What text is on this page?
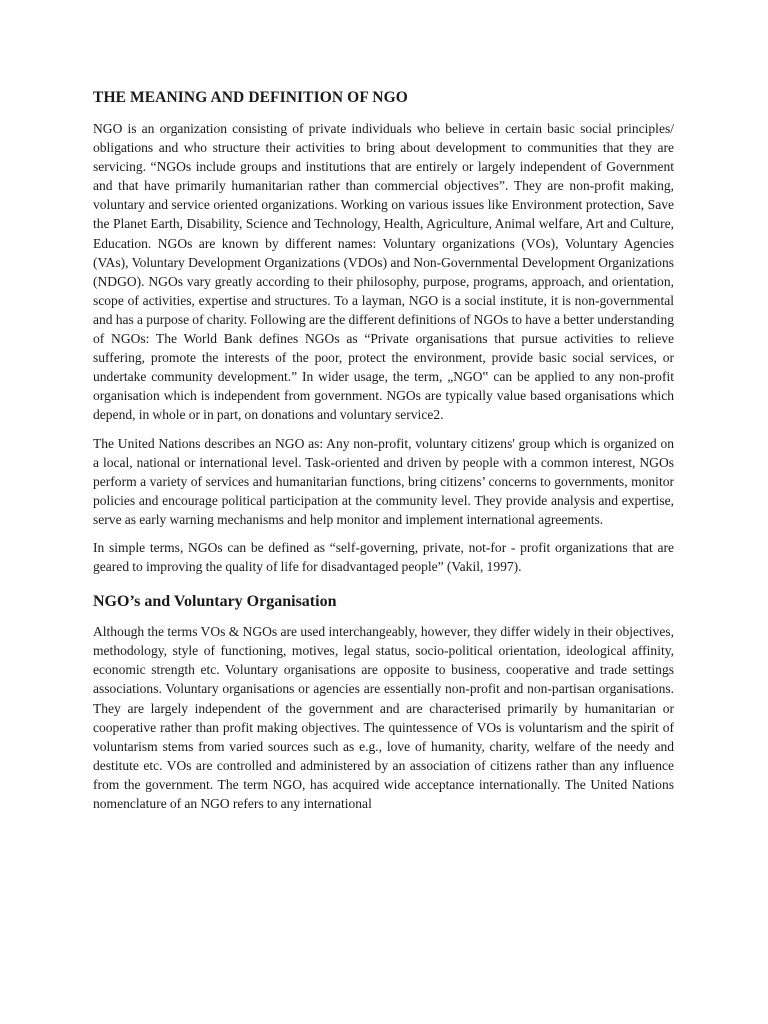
THE MEANING AND DEFINITION OF NGO

NGO is an organization consisting of private individuals who believe in certain basic social principles/ obligations and who structure their activities to bring about development to communities that they are servicing. “NGOs include groups and institutions that are entirely or largely independent of Government and that have primarily humanitarian rather than commercial objectives”. They are non-profit making, voluntary and service oriented organizations. Working on various issues like Environment protection, Save the Planet Earth, Disability, Science and Technology, Health, Agriculture, Animal welfare, Art and Culture, Education. NGOs are known by different names: Voluntary organizations (VOs), Voluntary Agencies (VAs), Voluntary Development Organizations (VDOs) and Non-Governmental Development Organizations (NDGO). NGOs vary greatly according to their philosophy, purpose, programs, approach, and orientation, scope of activities, expertise and structures. To a layman, NGO is a social institute, it is non-governmental and has a purpose of charity. Following are the different definitions of NGOs to have a better understanding of NGOs: The World Bank defines NGOs as “Private organisations that pursue activities to relieve suffering, promote the interests of the poor, protect the environment, provide basic social services, or undertake community development.” In wider usage, the term, „NGO‟ can be applied to any non-profit organisation which is independent from government. NGOs are typically value based organisations which depend, in whole or in part, on donations and voluntary service2.

The United Nations describes an NGO as: Any non-profit, voluntary citizens' group which is organized on a local, national or international level. Task-oriented and driven by people with a common interest, NGOs perform a variety of services and humanitarian functions, bring citizens’ concerns to governments, monitor policies and encourage political participation at the community level. They provide analysis and expertise, serve as early warning mechanisms and help monitor and implement international agreements.

In simple terms, NGOs can be defined as “self-governing, private, not-for - profit organizations that are geared to improving the quality of life for disadvantaged people” (Vakil, 1997).

NGO’s and Voluntary Organisation

Although the terms VOs & NGOs are used interchangeably, however, they differ widely in their objectives, methodology, style of functioning, motives, legal status, socio-political orientation, ideological affinity, economic strength etc. Voluntary organisations are opposite to business, cooperative and trade settings associations. Voluntary organisations or agencies are essentially non-profit and non-partisan organisations. They are largely independent of the government and are characterised primarily by humanitarian or cooperative rather than profit making objectives. The quintessence of VOs is voluntarism and the spirit of voluntarism stems from varied sources such as e.g., love of humanity, charity, welfare of the needy and destitute etc. VOs are controlled and administered by an association of citizens rather than any influence from the government. The term NGO, has acquired wide acceptance internationally. The United Nations nomenclature of an NGO refers to any international
